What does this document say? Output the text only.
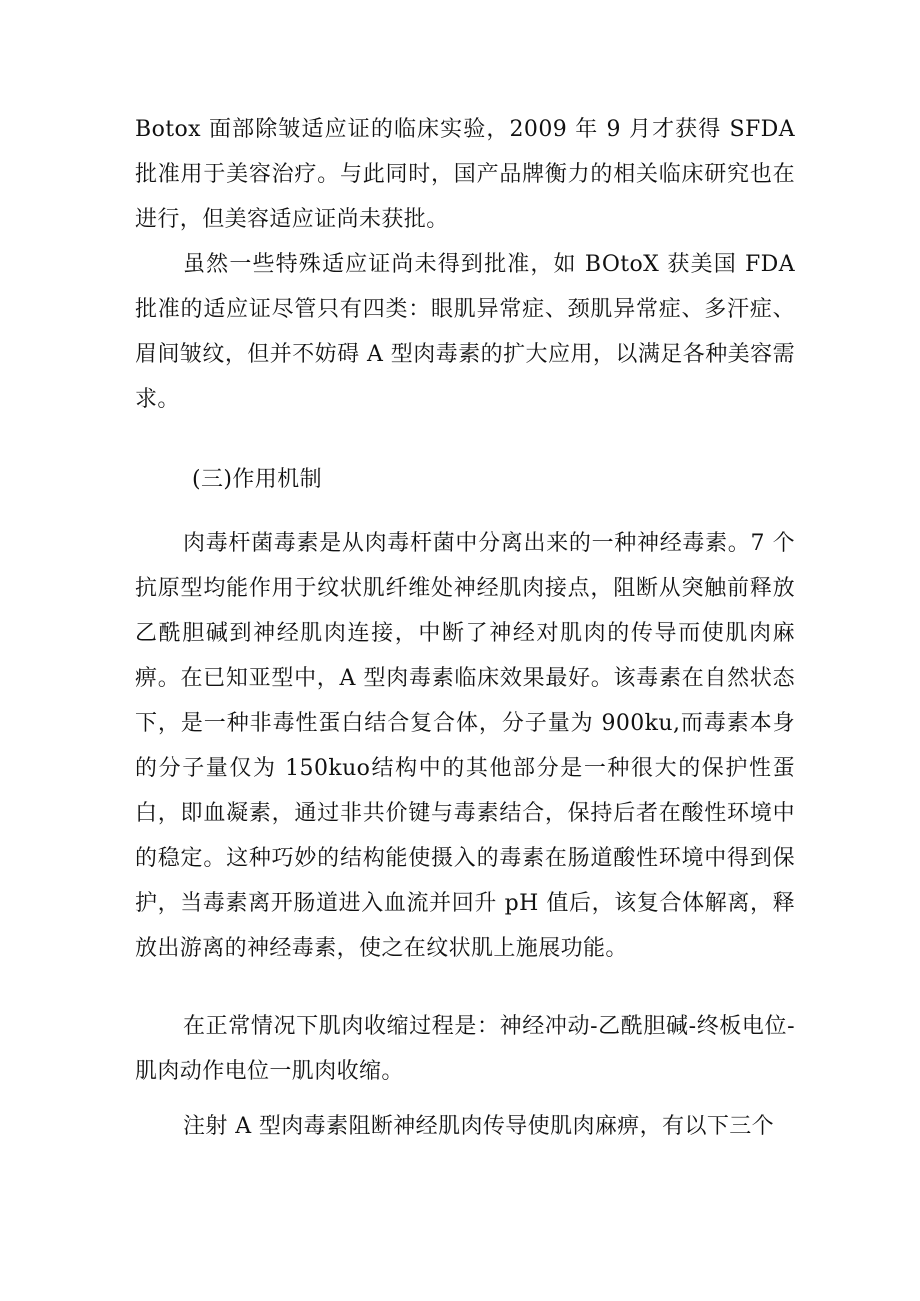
Botox 面部除皱适应证的临床实验，2009 年 9 月才获得 SFDA 批准用于美容治疗。与此同时，国产品牌衡力的相关临床研究也在进行，但美容适应证尚未获批。

虽然一些特殊适应证尚未得到批准，如 BOtoX 获美国 FDA 批准的适应证尽管只有四类：眼肌异常症、颈肌异常症、多汗症、眉间皱纹，但并不妨碍 A 型肉毒素的扩大应用，以满足各种美容需求。

(三)作用机制

肉毒杆菌毒素是从肉毒杆菌中分离出来的一种神经毒素。7 个抗原型均能作用于纹状肌纤维处神经肌肉接点，阻断从突触前释放乙酰胆碱到神经肌肉连接，中断了神经对肌肉的传导而使肌肉麻痹。在已知亚型中，A 型肉毒素临床效果最好。该毒素在自然状态下，是一种非毒性蛋白结合复合体，分子量为 900ku,而毒素本身的分子量仅为 150kuo结构中的其他部分是一种很大的保护性蛋白，即血凝素，通过非共价键与毒素结合，保持后者在酸性环境中的稳定。这种巧妙的结构能使摄入的毒素在肠道酸性环境中得到保护，当毒素离开肠道进入血流并回升 pH 值后，该复合体解离，释放出游离的神经毒素，使之在纹状肌上施展功能。

在正常情况下肌肉收缩过程是：神经冲动-乙酰胆碱-终板电位-肌肉动作电位一肌肉收缩。

注射 A 型肉毒素阻断神经肌肉传导使肌肉麻痹，有以下三个
